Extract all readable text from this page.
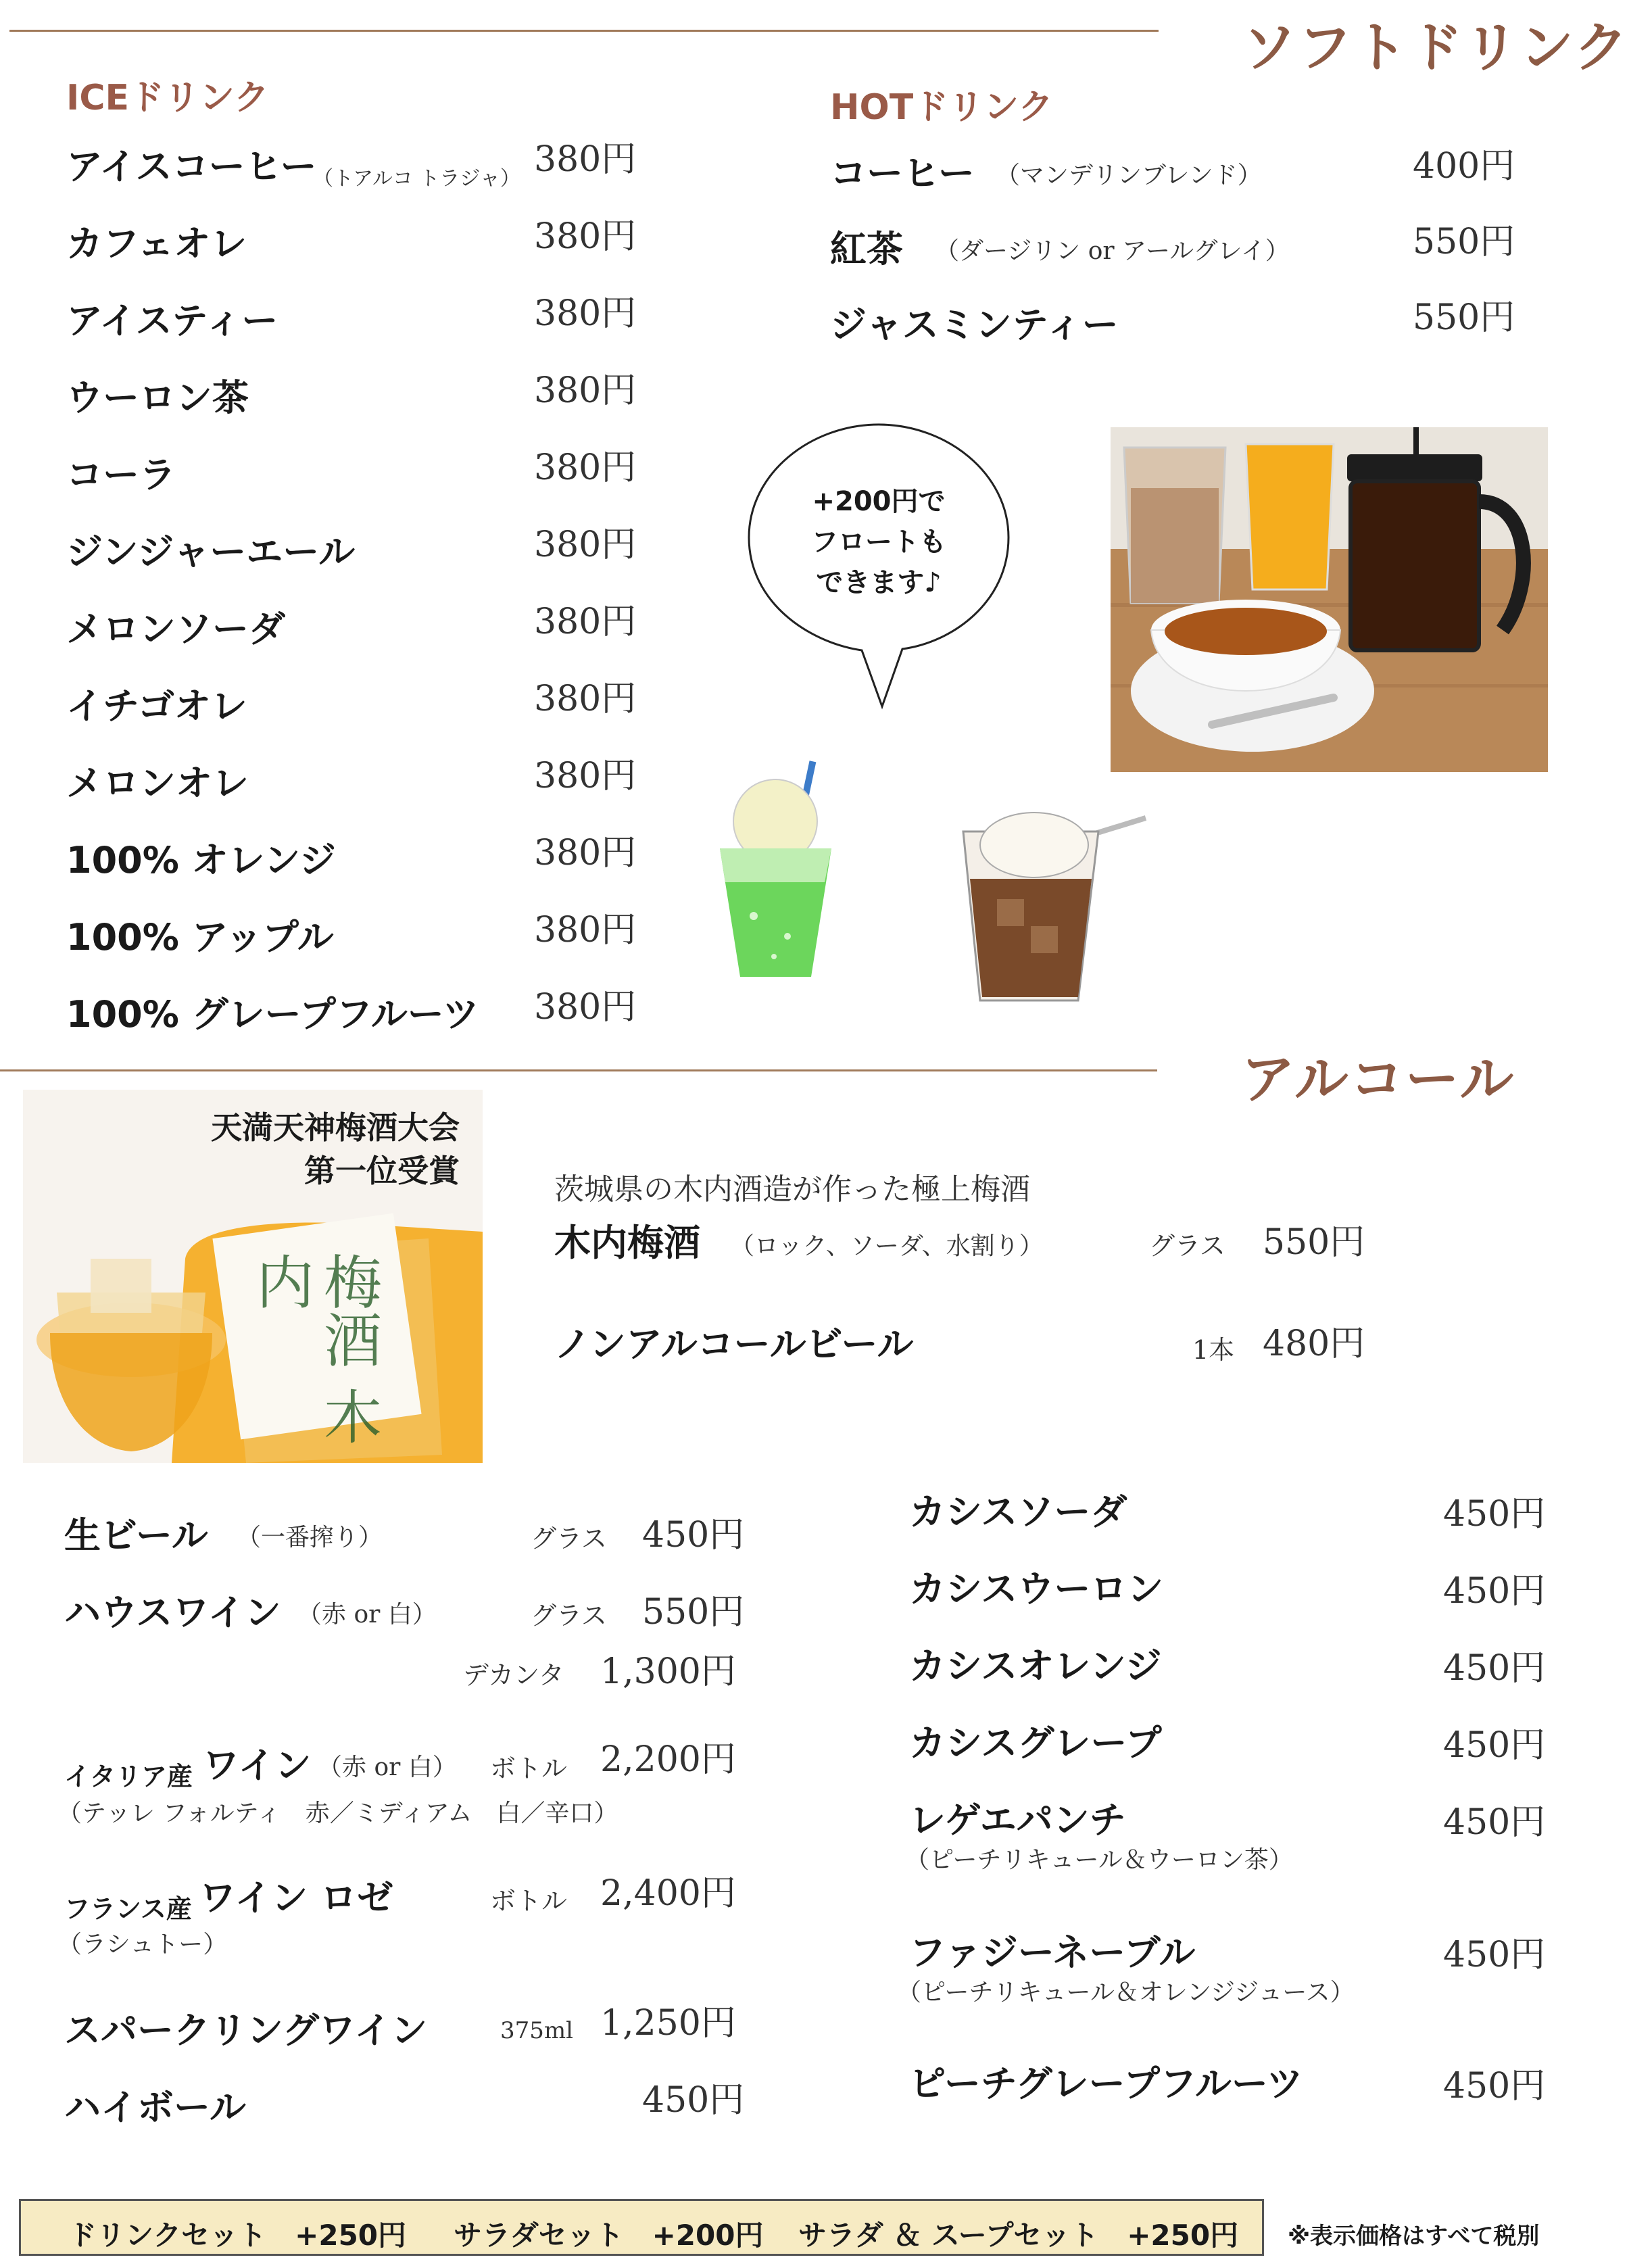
ソフトドリンク
ICEドリンク
アイスコーヒー
（トアルコ トラジャ） 380円
カフェオレ	380円
アイスティー	380円
ウーロン茶	380円
コーラ	380円
ジンジャーエール	380円
メロンソーダ	380円
イチゴオレ	380円
メロンオレ	380円
100% オレンジ	380円
100% アップル	380円
100% グレープフルーツ 380円
HOTドリンク
コーヒー （マンデリンブレンド）	400円
紅茶 （ダージリン or アールグレイ）	550円
ジャスミンティー	550円
+200円で
フロートも
できます♪
アルコール
梅酒 木内
天満天神梅酒大会
第一位受賞
茨城県の木内酒造が作った極上梅酒
木内梅酒 （ロック、ソーダ、水割り）	グラス 550円
ノンアルコールビール	1本 480円
生ビール （一番搾り）	グラス 450円
ハウスワイン （赤 or 白）	グラス 550円
デカンタ 1,300円
イタリア産 ワイン （赤 or 白） ボトル 2,200円
（テッレ フォルティ　赤／ミディアム　白／辛口）
フランス産 ワイン ロゼ	ボトル 2,400円
（ラシュトー）
スパークリングワイン	375ml 1,250円
ハイボール	450円
カシスソーダ	450円
カシスウーロン	450円
カシスオレンジ	450円
カシスグレープ	450円
レゲエパンチ	450円
（ピーチリキュール＆ウーロン茶）
ファジーネーブル	450円
（ピーチリキュール＆オレンジジュース）
ピーチグレープフルーツ	450円
ドリンクセット　+250円 サラダセット　+200円 サラダ ＆ スープセット　+250円 ※表示価格はすべて税別
